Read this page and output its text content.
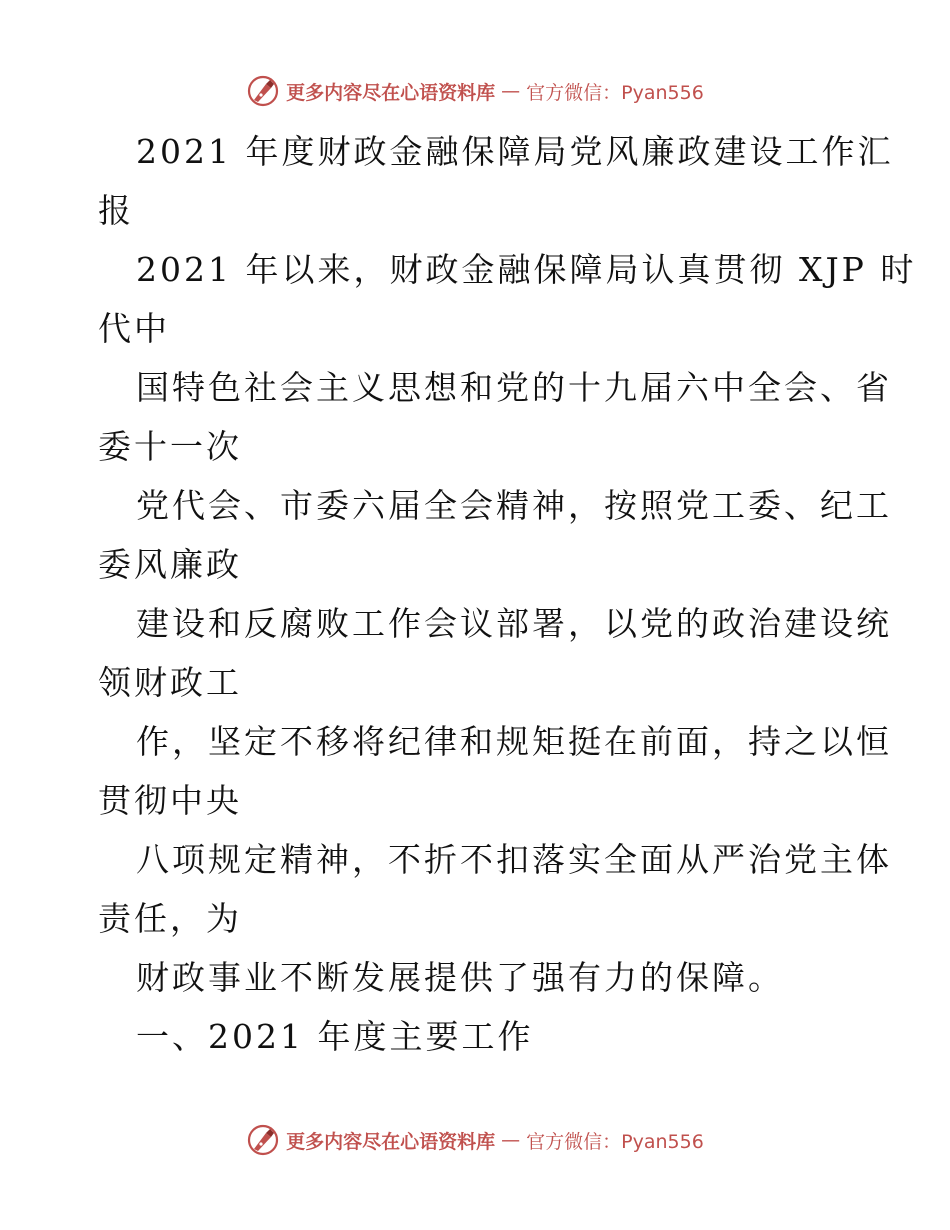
更多内容尽在心语资料库 — 官方微信：Pyan556
2021 年度财政金融保障局党风廉政建设工作汇
报
2021 年以来，财政金融保障局认真贯彻 XJP 时
代中
国特色社会主义思想和党的十九届六中全会、省
委十一次
党代会、市委六届全会精神，按照党工委、纪工
委风廉政
建设和反腐败工作会议部署，以党的政治建设统
领财政工
作，坚定不移将纪律和规矩挺在前面，持之以恒
贯彻中央
八项规定精神，不折不扣落实全面从严治党主体
责任，为
财政事业不断发展提供了强有力的保障。
一、2021 年度主要工作
更多内容尽在心语资料库 — 官方微信：Pyan556
